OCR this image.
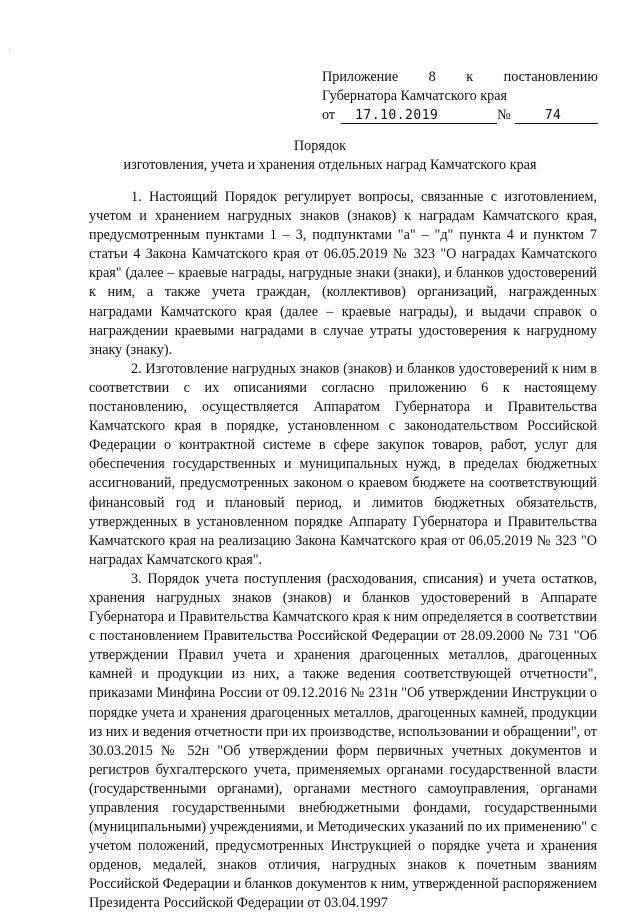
·
Приложение 8 к постановлению
Губернатора Камчатского края
от	17.10.2019	№	74
Порядок
изготовления, учета и хранения отдельных наград Камчатского края

1. Настоящий Порядок регулирует вопросы, связанные с изготовлением, учетом и хранением нагрудных знаков (знаков) к наградам Камчатского края, предусмотренным пунктами 1 – 3, подпунктами "а" – "д" пункта 4 и пунктом 7 статьи 4 Закона Камчатского края от 06.05.2019 № 323 "О наградах Камчатского края" (далее – краевые награды, нагрудные знаки (знаки), и бланков удостоверений к ним, а также учета граждан, (коллективов) организаций, награжденных наградами Камчатского края (далее – краевые награды), и выдачи справок о награждении краевыми наградами в случае утраты удостоверения к нагрудному знаку (знаку).

2. Изготовление нагрудных знаков (знаков) и бланков удостоверений к ним в соответствии с их описаниями согласно приложению 6 к настоящему постановлению, осуществляется Аппаратом Губернатора и Правительства Камчатского края в порядке, установленном с законодательством Российской Федерации о контрактной системе в сфере закупок товаров, работ, услуг для обеспечения государственных и муниципальных нужд, в пределах бюджетных ассигнований, предусмотренных законом о краевом бюджете на соответствующий финансовый год и плановый период, и лимитов бюджетных обязательств, утвержденных в установленном порядке Аппарату Губернатора и Правительства Камчатского края на реализацию Закона Камчатского края от 06.05.2019 № 323 "О наградах Камчатского края".

3. Порядок учета поступления (расходования, списания) и учета остатков, хранения нагрудных знаков (знаков) и бланков удостоверений в Аппарате Губернатора и Правительства Камчатского края к ним определяется в соответствии с постановлением Правительства Российской Федерации от 28.09.2000 № 731 "Об утверждении Правил учета и хранения драгоценных металлов, драгоценных камней и продукции из них, а также ведения соответствующей отчетности", приказами Минфина России от 09.12.2016 № 231н "Об утверждении Инструкции о порядке учета и хранения драгоценных металлов, драгоценных камней, продукции из них и ведения отчетности при их производстве, использовании и обращении", от 30.03.2015 № 52н "Об утверждении форм первичных учетных документов и регистров бухгалтерского учета, применяемых органами государственной власти (государственными органами), органами местного самоуправления, органами управления государственными внебюджетными фондами, государственными (муниципальными) учреждениями, и Методических указаний по их применению" с учетом положений, предусмотренных Инструкцией о порядке учета и хранения орденов, медалей, знаков отличия, нагрудных знаков к почетным званиям Российской Федерации и бланков документов к ним, утвержденной распоряжением Президента Российской Федерации от 03.04.1997
